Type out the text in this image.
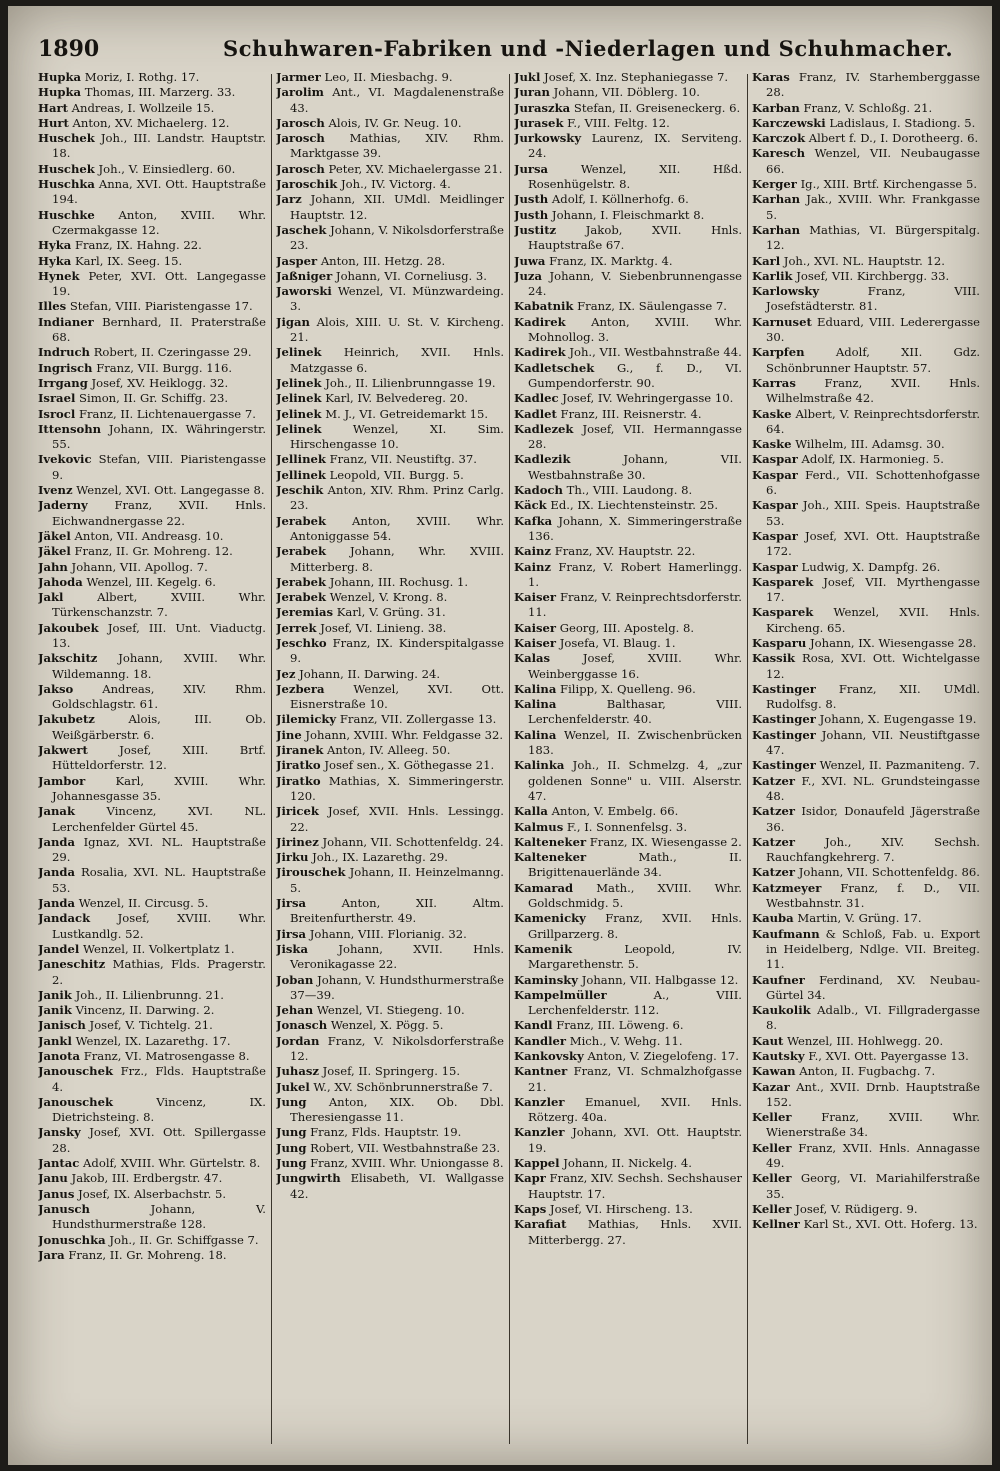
1890	Schuhwaren-Fabriken und -Niederlagen und Schuhmacher.

Hupka Moriz, I. Rothg. 17.

Hupka Thomas, III. Marzerg. 33.

Hart Andreas, I. Wollzeile 15.

Hurt Anton, XV. Michaelerg. 12.

Huschek Joh., III. Landstr. Hauptstr. 18.

Huschek Joh., V. Einsiedlerg. 60.

Huschka Anna, XVI. Ott. Hauptstraße 194.

Huschke Anton, XVIII. Whr. Czermakgasse 12.

Hyka Franz, IX. Hahng. 22.

Hyka Karl, IX. Seeg. 15.

Hynek Peter, XVI. Ott. Langegasse 19.

Illes Stefan, VIII. Piaristengasse 17.

Indianer Bernhard, II. Praterstraße 68.

Indruch Robert, II. Czeringasse 29.

Ingrisch Franz, VII. Burgg. 116.

Irrgang Josef, XV. Heiklogg. 32.

Israel Simon, II. Gr. Schiffg. 23.

Isrocl Franz, II. Lichtenauergasse 7.

Ittensohn Johann, IX. Währingerstr. 55.

Ivekovic Stefan, VIII. Piaristengasse 9.

Ivenz Wenzel, XVI. Ott. Langegasse 8.

Jaderny Franz, XVII. Hnls. Eichwandnergasse 22.

Jäkel Anton, VII. Andreasg. 10.

Jäkel Franz, II. Gr. Mohreng. 12.

Jahn Johann, VII. Apollog. 7.

Jahoda Wenzel, III. Kegelg. 6.

Jakl	Albert, XVIII. Whr. Türkenschanzstr. 7.

Jakoubek Josef, III. Unt. Viaductg. 13.

Jakschitz Johann, XVIII. Whr. Wildemanng. 18.

Jakso Andreas, XIV. Rhm. Goldschlagstr. 61.

Jakubetz	Alois, III. Ob. Weißgärberstr. 6.

Jakwert	Josef, XIII. Brtf. Hütteldorferstr. 12.

Jambor	Karl, XVIII. Whr. Johannesgasse 35.

Janak	Vincenz, XVI. NL. Lerchenfelder Gürtel 45.

Janda Ignaz, XVI. NL. Hauptstraße 29.

Janda Rosalia, XVI. NL. Hauptstraße 53.

Janda Wenzel, II. Circusg. 5.

Jandack Josef, XVIII. Whr. Lustkandlg. 52.

Jandel Wenzel, II. Volkertplatz 1.

Janeschitz Mathias, Flds. Pragerstr. 2.

Janik Joh., II. Lilienbrunng. 21.

Janik Vincenz, II. Darwing. 2.

Janisch Josef, V. Tichtelg. 21.

Jankl Wenzel, IX. Lazarethg. 17.

Janota Franz, VI. Matrosengasse 8.

Janouschek Frz., Flds. Hauptstraße 4.

Janouschek	Vincenz, IX. Dietrichsteing. 8.

Jansky Josef, XVI. Ott. Spillergasse 28.

Jantac Adolf, XVIII. Whr. Gürtelstr. 8.

Janu Jakob, III. Erdbergstr. 47.

Janus Josef, IX. Alserbachstr. 5.

Janusch	Johann, V. Hundsthurmerstraße 128.

Jonuschka Joh., II. Gr. Schiffgasse 7.

Jara Franz, II. Gr. Mohreng. 18.

Jarmer Leo, II. Miesbachg. 9.

Jarolim Ant., VI. Magdalenenstraße 43.

Jarosch Alois, IV. Gr. Neug. 10.

Jarosch Mathias, XIV. Rhm. Marktgasse 39.

Jarosch Peter, XV. Michaelergasse 21.

Jaroschik Joh., IV. Victorg. 4.

Jarz Johann, XII. UMdl. Meidlinger Hauptstr. 12.

Jaschek Johann, V. Nikolsdorferstraße 23.

Jasper Anton, III. Hetzg. 28.

Jaßniger Johann, VI. Corneliusg. 3.

Jaworski Wenzel, VI. Münzwardeing. 3.

Jigan Alois, XIII. U. St. V. Kircheng. 21.

Jelinek Heinrich, XVII. Hnls. Matzgasse 6.

Jelinek Joh., II. Lilienbrunngasse 19.

Jelinek Karl, IV. Belvedereg. 20.

Jelinek M. J., VI. Getreidemarkt 15.

Jelinek	Wenzel, XI. Sim. Hirschengasse 10.

Jellinek Franz, VII. Neustiftg. 37.

Jellinek Leopold, VII. Burgg. 5.

Jeschik Anton, XIV. Rhm. Prinz Carlg. 23.

Jerabek Anton, XVIII. Whr. Antoniggasse 54.

Jerabek Johann, Whr. XVIII. Mitterberg. 8.

Jerabek Johann, III. Rochusg. 1.

Jerabek Wenzel, V. Krong. 8.

Jeremias Karl, V. Grüng. 31.

Jerrek Josef, VI. Linieng. 38.

Jeschko Franz, IX. Kinderspitalgasse 9.

Jez Johann, II. Darwing. 24.

Jezbera Wenzel, XVI. Ott. Eisnerstraße 10.

Jilemicky Franz, VII. Zollergasse 13.

Jine Johann, XVIII. Whr. Feldgasse 32.

Jiranek Anton, IV. Alleeg. 50.

Jiratko Josef sen., X. Göthegasse 21.

Jiratko Mathias, X. Simmeringerstr. 120.

Jiricek Josef, XVII. Hnls. Lessingg. 22.

Jirinez Johann, VII. Schottenfeldg. 24.

Jirku Joh., IX. Lazarethg. 29.

Jirouschek Johann, II. Heinzelmanng. 5.

Jirsa	Anton, XII. Altm. Breitenfurtherstr. 49.

Jirsa Johann, VIII. Florianig. 32.

Jiska	Johann, XVII. Hnls. Veronikagasse 22.

Joban Johann, V. Hundsthurmerstraße 37—39.

Jehan Wenzel, VI. Stiegeng. 10.

Jonasch Wenzel, X. Pögg. 5.

Jordan Franz, V. Nikolsdorferstraße 12.

Juhasz Josef, II. Springerg. 15.

Jukel W., XV. Schönbrunnerstraße 7.

Jung Anton, XIX. Ob. Dbl. Theresiengasse 11.

Jung Franz, Flds. Hauptstr. 19.

Jung Robert, VII. Westbahnstraße 23.

Jung Franz, XVIII. Whr. Uniongasse 8.

Jungwirth Elisabeth, VI. Wallgasse 42.

Jukl Josef, X. Inz. Stephaniegasse 7.

Juran Johann, VII. Döblerg. 10.

Juraszka Stefan, II. Greiseneckerg. 6.

Jurasek F., VIII. Feltg. 12.

Jurkowsky Laurenz, IX. Serviteng. 24.

Jursa	Wenzel, XII. Hßd. Rosenhügelstr. 8.

Justh Adolf, I. Köllnerhofg. 6.

Justh Johann, I. Fleischmarkt 8.

Justitz	Jakob, XVII. Hnls. Hauptstraße 67.

Juwa Franz, IX. Marktg. 4.

Juza Johann, V. Siebenbrunnengasse 24.

Kabatnik Franz, IX. Säulengasse 7.

Kadirek Anton, XVIII. Whr. Mohnollog. 3.

Kadirek Joh., VII. Westbahnstraße 44.

Kadletschek G., f. D., VI. Gumpendorferstr. 90.

Kadlec Josef, IV. Wehringergasse 10.

Kadlet Franz, III. Reisnerstr. 4.

Kadlezek Josef, VII. Hermanngasse 28.

Kadlezik	Johann, VII. Westbahnstraße 30.

Kadoch Th., VIII. Laudong. 8.

Käck Ed., IX. Liechtensteinstr. 25.

Kafka Johann, X. Simmeringerstraße 136.

Kainz Franz, XV. Hauptstr. 22.

Kainz Franz, V. Robert Hamerlingg. 1.

Kaiser Franz, V. Reinprechtsdorferstr. 11.

Kaiser Georg, III. Apostelg. 8.

Kaiser Josefa, VI. Blaug. 1.

Kalas	Josef, XVIII. Whr. Weinberggasse 16.

Kalina Filipp, X. Quelleng. 96.

Kalina	Balthasar, VIII. Lerchenfelderstr. 40.

Kalina Wenzel, II. Zwischenbrücken 183.

Kalinka Joh., II. Schmelzg. 4, „zur goldenen Sonne" u. VIII. Alserstr. 47.

Kalla Anton, V. Embelg. 66.

Kalmus F., I. Sonnenfelsg. 3.

Kalteneker Franz, IX. Wiesengasse 2.

Kalteneker	Math., II. Brigittenauerlände 34.

Kamarad Math., XVIII. Whr. Goldschmidg. 5.

Kamenicky Franz, XVII. Hnls. Grillparzerg. 8.

Kamenik	Leopold, IV. Margarethenstr. 5.

Kaminsky Johann, VII. Halbgasse 12.

Kampelmüller	A., VIII. Lerchenfelderstr. 112.

Kandl Franz, III. Löweng. 6.

Kandler Mich., V. Wehg. 11.

Kankovsky Anton, V. Ziegelofeng. 17.

Kantner Franz, VI. Schmalzhofgasse 21.

Kanzler Emanuel, XVII. Hnls. Rötzerg. 40a.

Kanzler Johann, XVI. Ott. Hauptstr. 19.

Kappel Johann, II. Nickelg. 4.

Kapr Franz, XIV. Sechsh. Sechshauser Hauptstr. 17.

Kaps Josef, VI. Hirscheng. 13.

Karafiat Mathias, Hnls. XVII. Mitterbergg. 27.

Karas Franz, IV. Starhemberggasse 28.

Karban Franz, V. Schloßg. 21.

Karczewski Ladislaus, I. Stadiong. 5.

Karczok Albert f. D., I. Dorotheerg. 6.

Karesch Wenzel, VII. Neubaugasse 66.

Kerger Ig., XIII. Brtf. Kirchengasse 5.

Karhan Jak., XVIII. Whr. Frankgasse 5.

Karhan Mathias, VI. Bürgerspitalg. 12.

Karl Joh., XVI. NL. Hauptstr. 12.

Karlik Josef, VII. Kirchbergg. 33.

Karlowsky	Franz, VIII. Josefstädterstr. 81.

Karnuset Eduard, VIII. Lederergasse 30.

Karpfen	Adolf, XII. Gdz. Schönbrunner Hauptstr. 57.

Karras Franz, XVII. Hnls. Wilhelmstraße 42.

Kaske Albert, V. Reinprechtsdorferstr. 64.

Kaske Wilhelm, III. Adamsg. 30.

Kaspar Adolf, IX. Harmonieg. 5.

Kaspar Ferd., VII. Schottenhofgasse 6.

Kaspar Joh., XIII. Speis. Hauptstraße 53.

Kaspar Josef, XVI. Ott. Hauptstraße 172.

Kaspar Ludwig, X. Dampfg. 26.

Kasparek Josef, VII. Myrthengasse 17.

Kasparek Wenzel, XVII. Hnls. Kircheng. 65.

Kasparu Johann, IX. Wiesengasse 28.

Kassik Rosa, XVI. Ott. Wichtelgasse 12.

Kastinger Franz, XII. UMdl. Rudolfsg. 8.

Kastinger Johann, X. Eugengasse 19.

Kastinger Johann, VII. Neustiftgasse 47.

Kastinger Wenzel, II. Pazmaniteng. 7.

Katzer F., XVI. NL. Grundsteingasse 48.

Katzer Isidor, Donaufeld Jägerstraße 36.

Katzer	Joh., XIV. Sechsh. Rauchfangkehrerg. 7.

Katzer Johann, VII. Schottenfeldg. 86.

Katzmeyer Franz, f. D., VII. Westbahnstr. 31.

Kauba Martin, V. Grüng. 17.

Kaufmann & Schloß, Fab. u. Export in Heidelberg, Ndlge. VII. Breiteg. 11.

Kaufner Ferdinand, XV. Neubau-Gürtel 34.

Kaukolik Adalb., VI. Fillgradergasse 8.

Kaut Wenzel, III. Hohlwegg. 20.

Kautsky F., XVI. Ott. Payergasse 13.

Kawan Anton, II. Fugbachg. 7.

Kazar Ant., XVII. Drnb. Hauptstraße 152.

Keller	Franz, XVIII. Whr. Wienerstraße 34.

Keller Franz, XVII. Hnls. Annagasse 49.

Keller Georg, VI. Mariahilferstraße 35.

Keller Josef, V. Rüdigerg. 9.

Kellner Karl St., XVI. Ott. Hoferg. 13.
